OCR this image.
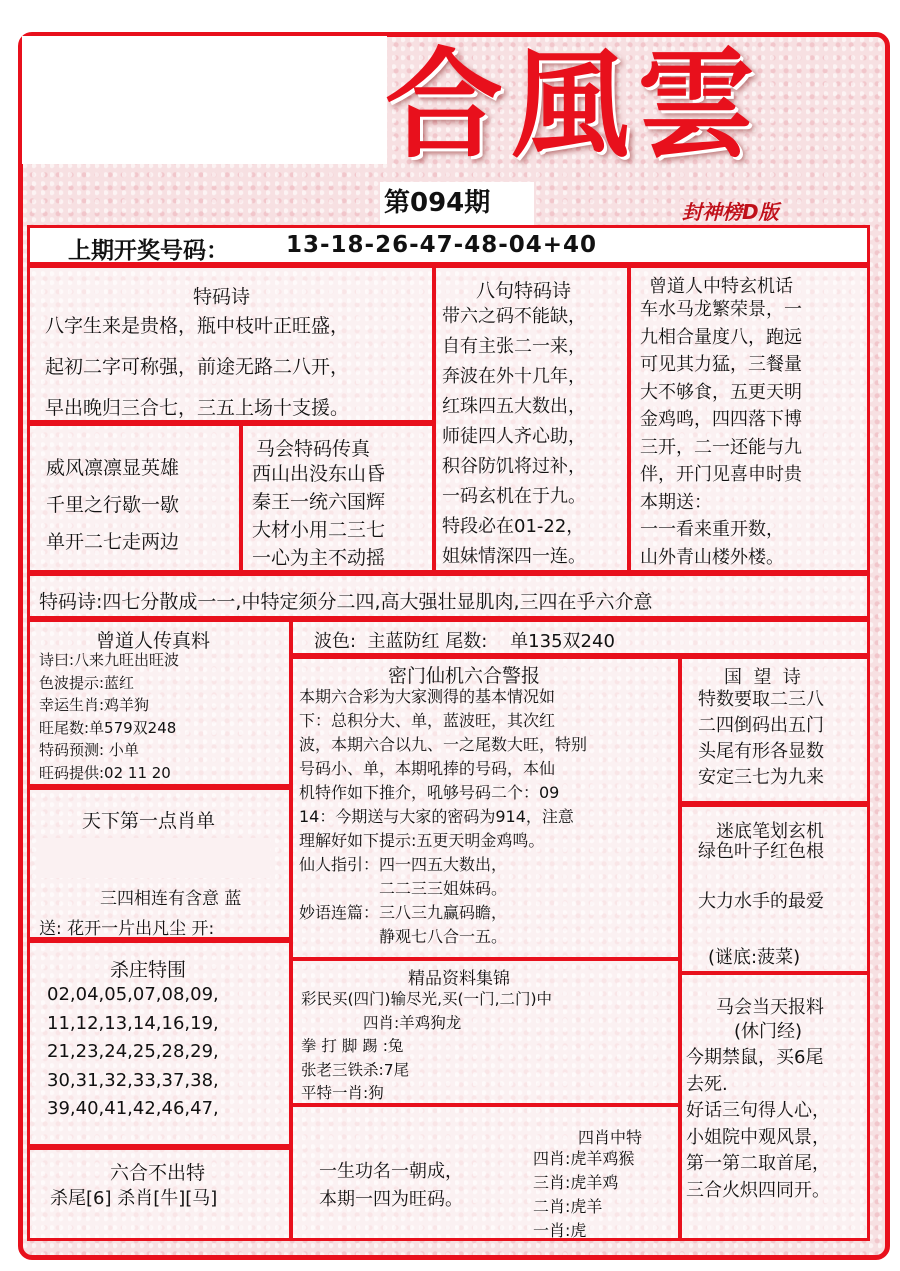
合風雲
第094期	封神榜D版
上期开奖号码： 13-18-26-47-48-04+40
特码诗
八字生来是贵格，瓶中枝叶正旺盛，
起初二字可称强，前途无路二八开，
早出晚归三合七，三五上场十支援。
威风凛凛显英雄
千里之行歇一歇
单开二七走两边
马会特码传真
西山出没东山昏
秦王一统六国辉
大材小用二三七
一心为主不动摇
八句特码诗
带六之码不能缺，
自有主张二一来，
奔波在外十几年，
红珠四五大数出，
师徒四人齐心助，
积谷防饥将过补，
一码玄机在于九。
特段必在01-22，
姐妹情深四一连。
曾道人中特玄机话
车水马龙繁荣景，一
九相合量度八，跑远
可见其力猛，三餐量
大不够食，五更天明
金鸡鸣，四四落下博
三开，二一还能与九
伴，开门见喜申时贵
本期送：
一一看来重开数，
山外青山楼外楼。
特码诗:四七分散成一一,中特定须分二四,高大强壮显肌肉,三四在乎六介意
曾道人传真料
诗曰:八来九旺出旺波
色波提示:蓝红
幸运生肖:鸡羊狗
旺尾数:单579双248
特码预测: 小单
旺码提供:02 11 20
波色:  主蓝防红 尾数:    单135双240
密门仙机六合警报
本期六合彩为大家测得的基本情况如
下：总积分大、单，蓝波旺，其次红
波，本期六合以九、一之尾数大旺，特别
号码小、单，本期吼捧的号码，本仙
机特作如下推介，吼够号码二个：09
14：今期送与大家的密码为914，注意
理解好如下提示:五更天明金鸡鸣。
仙人指引：四一四五大数出，
　　　　　二二三三姐妹码。
妙语连篇：三八三九赢码瞻，
　　　　　静观七八合一五。
国  望  诗
特数要取二三八
二四倒码出五门
头尾有形各显数
安定三七为九来
天下第一点肖单
三四相连有含意 蓝
送: 花开一片出凡尘 开:
迷底笔划玄机
绿色叶子红色根
大力水手的最爱
(谜底:菠菜)
杀庄特围
02,04,05,07,08,09,
11,12,13,14,16,19,
21,23,24,25,28,29,
30,31,32,33,37,38,
39,40,41,42,46,47,
精品资料集锦
彩民买(四门)输尽光,买(一门,二门)中
　　　　四肖:羊鸡狗龙
拳 打 脚 踢 :兔
张老三铁杀:7尾
平特一肖:狗
马会当天报料
(休门经)
今期禁鼠，买6尾
去死.
好话三句得人心，
小姐院中观风景，
第一第二取首尾，
三合火炽四同开。
六合不出特
杀尾[6] 杀肖[牛][马]
一生功名一朝成，
本期一四为旺码。
四肖中特
四肖:虎羊鸡猴
三肖:虎羊鸡
二肖:虎羊
一肖:虎
